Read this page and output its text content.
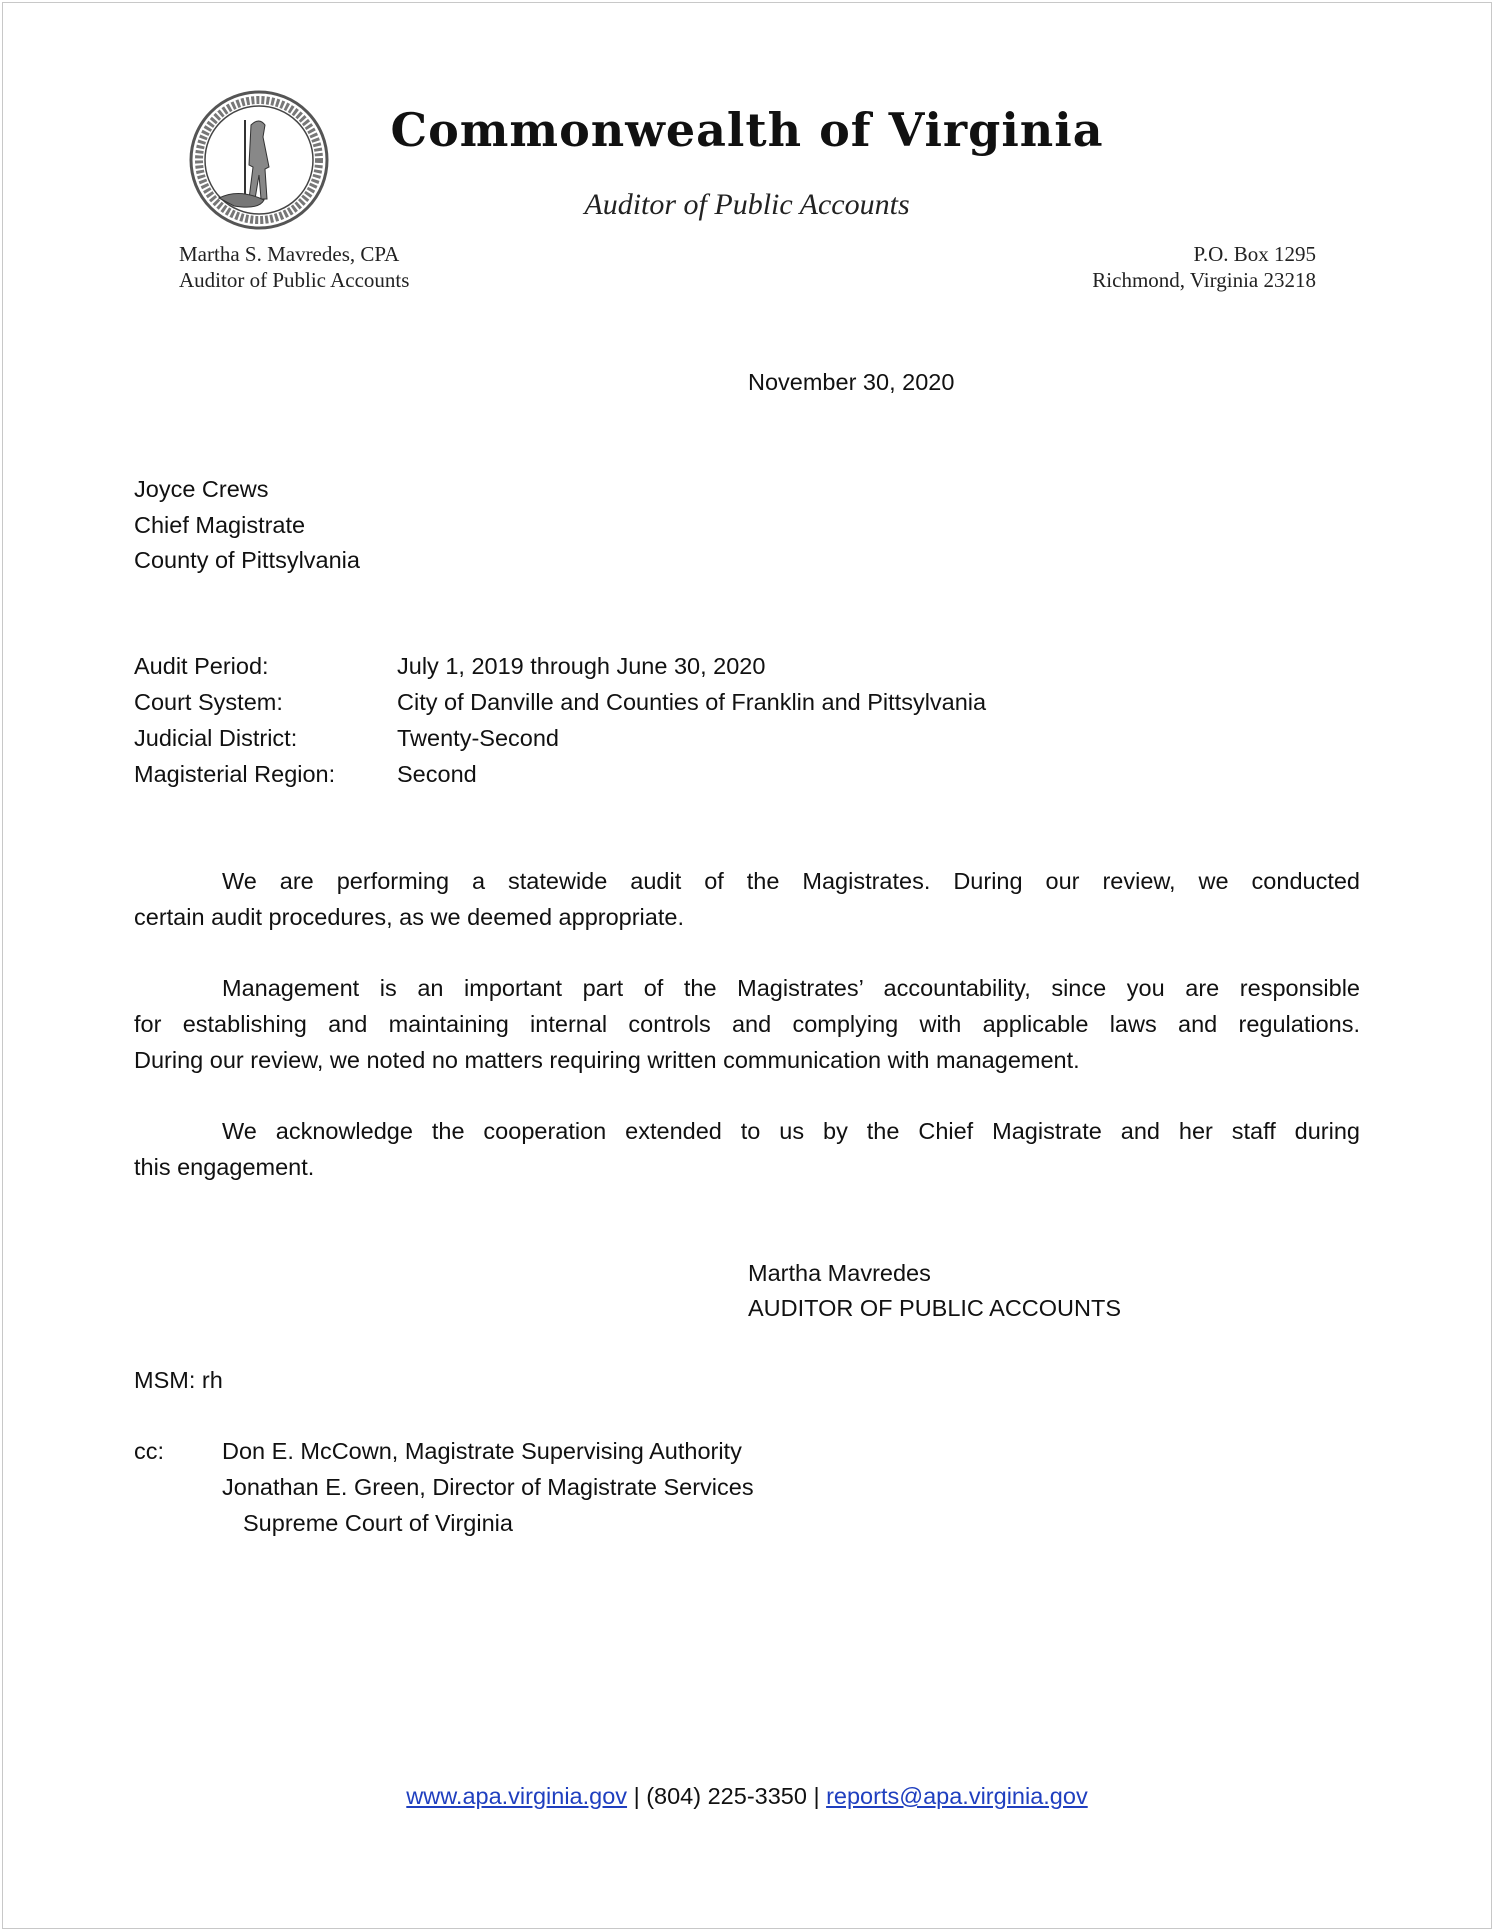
Commonwealth of Virginia
Auditor of Public Accounts
Martha S. Mavredes, CPA
Auditor of Public Accounts
P.O. Box 1295
Richmond, Virginia 23218
November 30, 2020
Joyce Crews
Chief Magistrate
County of Pittsylvania
Audit Period:	July 1, 2019 through June 30, 2020
Court System:	City of Danville and Counties of Franklin and Pittsylvania
Judicial District:	Twenty-Second
Magisterial Region:	Second
We are performing a statewide audit of the Magistrates. During our review, we conducted
certain audit procedures, as we deemed appropriate.
Management is an important part of the Magistrates’ accountability, since you are responsible
for establishing and maintaining internal controls and complying with applicable laws and regulations.
During our review, we noted no matters requiring written communication with management.
We acknowledge the cooperation extended to us by the Chief Magistrate and her staff during
this engagement.
Martha Mavredes
AUDITOR OF PUBLIC ACCOUNTS
MSM: rh
cc: Don E. McCown, Magistrate Supervising Authority
Jonathan E. Green, Director of Magistrate Services
Supreme Court of Virginia
www.apa.virginia.gov | (804) 225-3350 | reports@apa.virginia.gov
